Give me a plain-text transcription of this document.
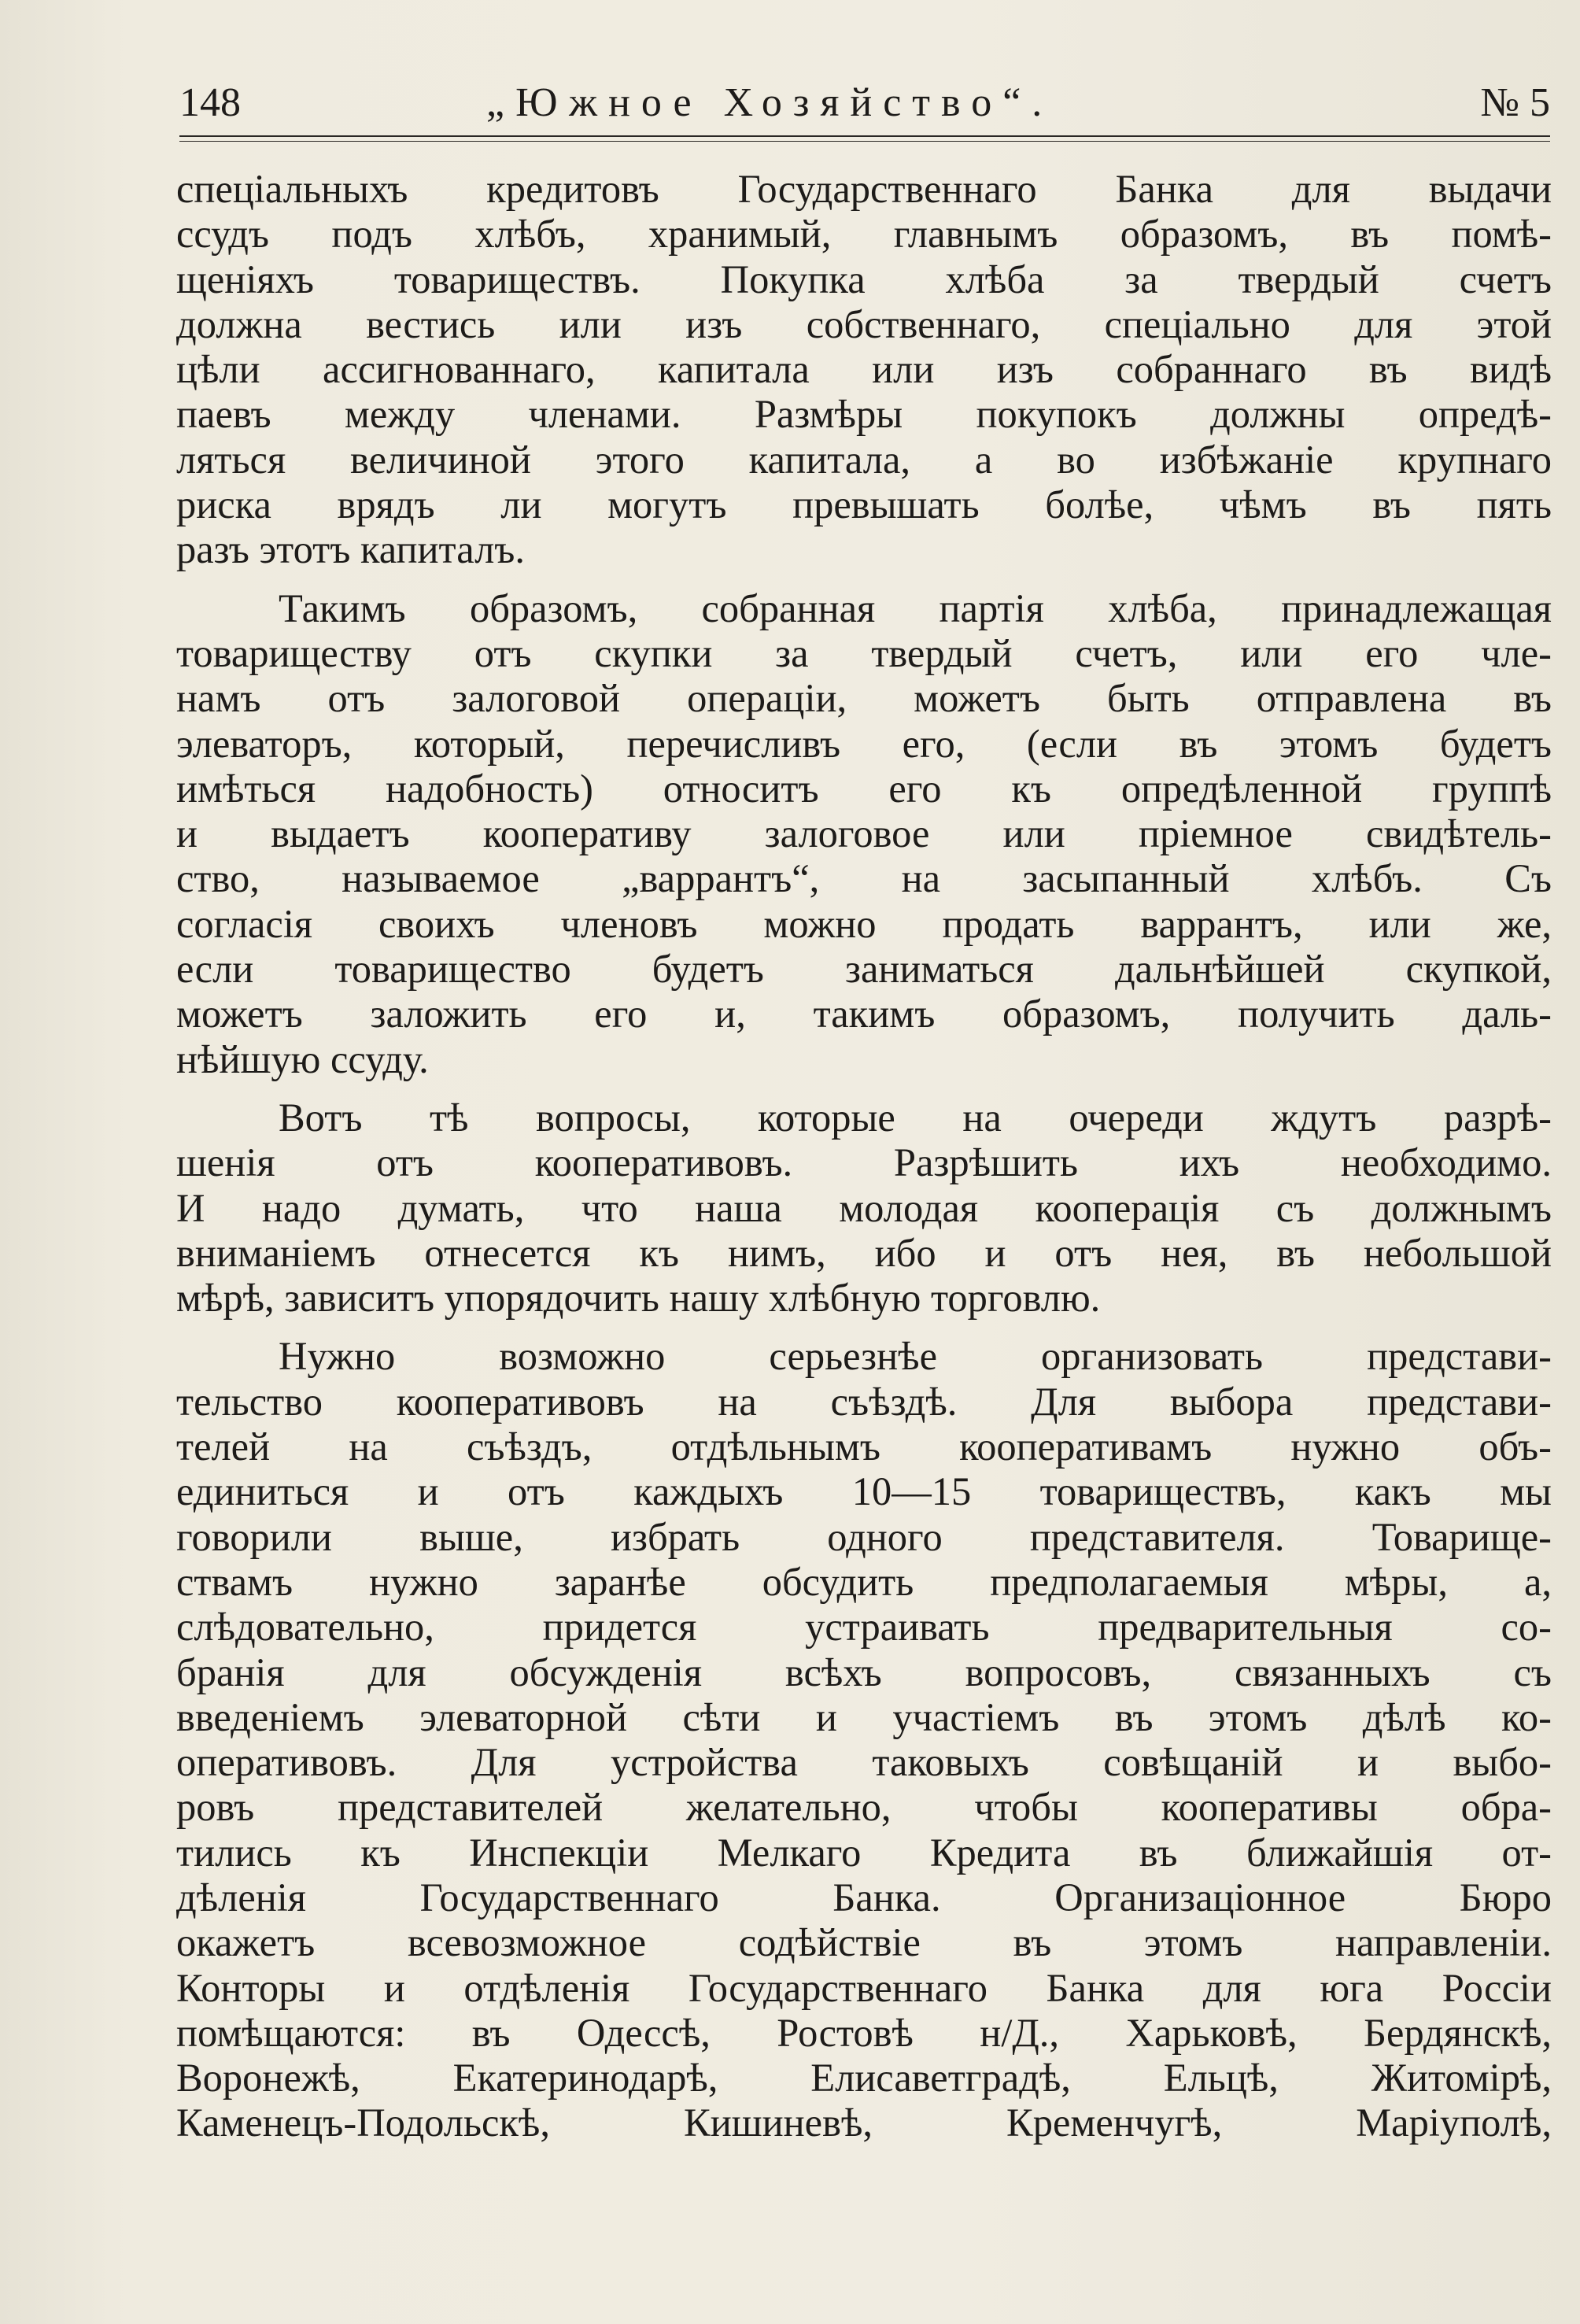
148	„Южное Хозяйство“.	№ 5
спеціальныхъ кредитовъ Государственнаго Банка для выдачи
ссудъ подъ хлѣбъ, хранимый, главнымъ образомъ, въ помѣ-
щеніяхъ товариществъ. Покупка хлѣба за твердый счетъ
должна вестись или изъ собственнаго, спеціально для этой
цѣли ассигнованнаго, капитала или изъ собраннаго въ видѣ
паевъ между членами. Размѣры покупокъ должны опредѣ-
ляться величиной этого капитала, а во избѣжаніе крупнаго
риска врядъ ли могутъ превышать болѣе, чѣмъ въ пять
разъ этотъ капиталъ.
Такимъ образомъ, собранная партія хлѣба, принадлежащая
товариществу отъ скупки за твердый счетъ, или его чле-
намъ отъ залоговой операціи, можетъ быть отправлена въ
элеваторъ, который, перечисливъ его, (если въ этомъ будетъ
имѣться надобность) относитъ его къ опредѣленной группѣ
и выдаетъ кооперативу залоговое или пріемное свидѣтель-
ство, называемое „варрантъ“, на засыпанный хлѣбъ. Съ
согласія своихъ членовъ можно продать варрантъ, или же,
если товарищество будетъ заниматься дальнѣйшей скупкой,
можетъ заложить его и, такимъ образомъ, получить даль-
нѣйшую ссуду.
Вотъ тѣ вопросы, которые на очереди ждутъ разрѣ-
шенія отъ кооперативовъ. Разрѣшить ихъ необходимо.
И надо думать, что наша молодая кооперація съ должнымъ
вниманіемъ отнесется къ нимъ, ибо и отъ нея, въ небольшой
мѣрѣ, зависитъ упорядочить нашу хлѣбную торговлю.
Нужно возможно серьезнѣе организовать представи-
тельство кооперативовъ на съѣздѣ. Для выбора представи-
телей на съѣздъ, отдѣльнымъ кооперативамъ нужно объ-
единиться и отъ каждыхъ 10—15 товариществъ, какъ мы
говорили выше, избрать одного представителя. Товарище-
ствамъ нужно заранѣе обсудить предполагаемыя мѣры, а,
слѣдовательно, придется устраивать предварительныя со-
бранія для обсужденія всѣхъ вопросовъ, связанныхъ съ
введеніемъ элеваторной сѣти и участіемъ въ этомъ дѣлѣ ко-
оперативовъ. Для устройства таковыхъ совѣщаній и выбо-
ровъ представителей желательно, чтобы кооперативы обра-
тились къ Инспекціи Мелкаго Кредита въ ближайшія от-
дѣленія Государственнаго Банка. Организаціонное Бюро
окажетъ всевозможное содѣйствіе въ этомъ направленіи.
Конторы и отдѣленія Государственнаго Банка для юга Россіи
помѣщаются: въ Одессѣ, Ростовѣ н/Д., Харьковѣ, Бердянскѣ,
Воронежѣ, Екатеринодарѣ, Елисаветградѣ, Ельцѣ, Житомірѣ,
Каменецъ-Подольскѣ, Кишиневѣ, Кременчугѣ, Маріуполѣ,
